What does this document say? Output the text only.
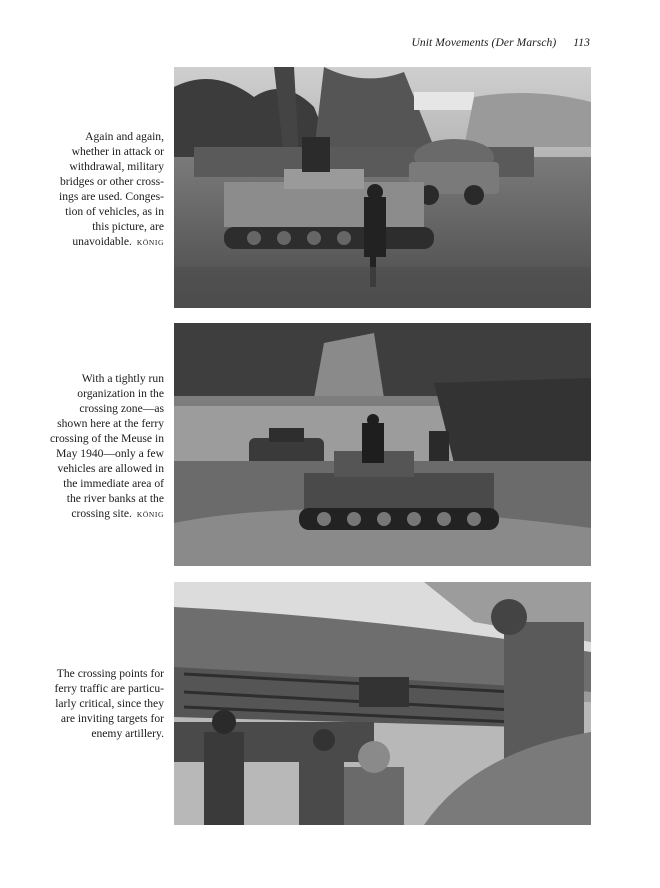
Unit Movements (Der Marsch) 113
Again and again,
whether in attack or
withdrawal, military
bridges or other cross-
ings are used. Conges-
tion of vehicles, as in
this picture, are
unavoidable. KÖNIG
With a tightly run
organization in the
crossing zone—as
shown here at the ferry
crossing of the Meuse in
May 1940—only a few
vehicles are allowed in
the immediate area of
the river banks at the
crossing site. KÖNIG
The crossing points for
ferry traffic are particu-
larly critical, since they
are inviting targets for
enemy artillery.
